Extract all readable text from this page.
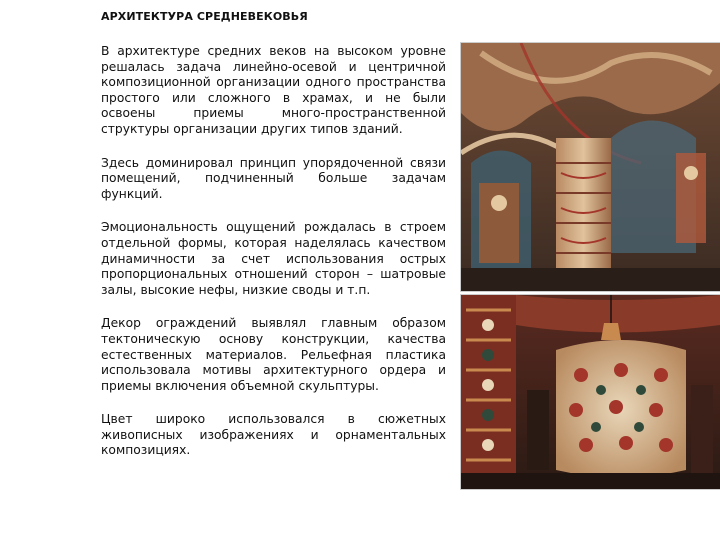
АРХИТЕКТУРА СРЕДНЕВЕКОВЬЯ

В архитектуре средних веков на высоком уровне решалась задача линейно-осевой и центричной композиционной организации одного пространства простого или сложного в храмах, и не были освоены приемы много-пространственной структуры организации других типов зданий.

Здесь доминировал принцип упорядоченной связи помещений, подчиненный больше задачам функций.

Эмоциональность ощущений рождалась в строем отдельной формы, которая наделялась качеством динамичности за счет использования острых пропорциональных отношений сторон – шатровые залы, высокие нефы, низкие своды и т.п.

Декор ограждений выявлял главным образом тектоническую основу конструкции, качества естественных материалов. Рельефная пластика использовала мотивы архитектурного ордера и приемы включения объемной скульптуры.

Цвет широко использовался в сюжетных живописных изображениях и орнаментальных композициях.
